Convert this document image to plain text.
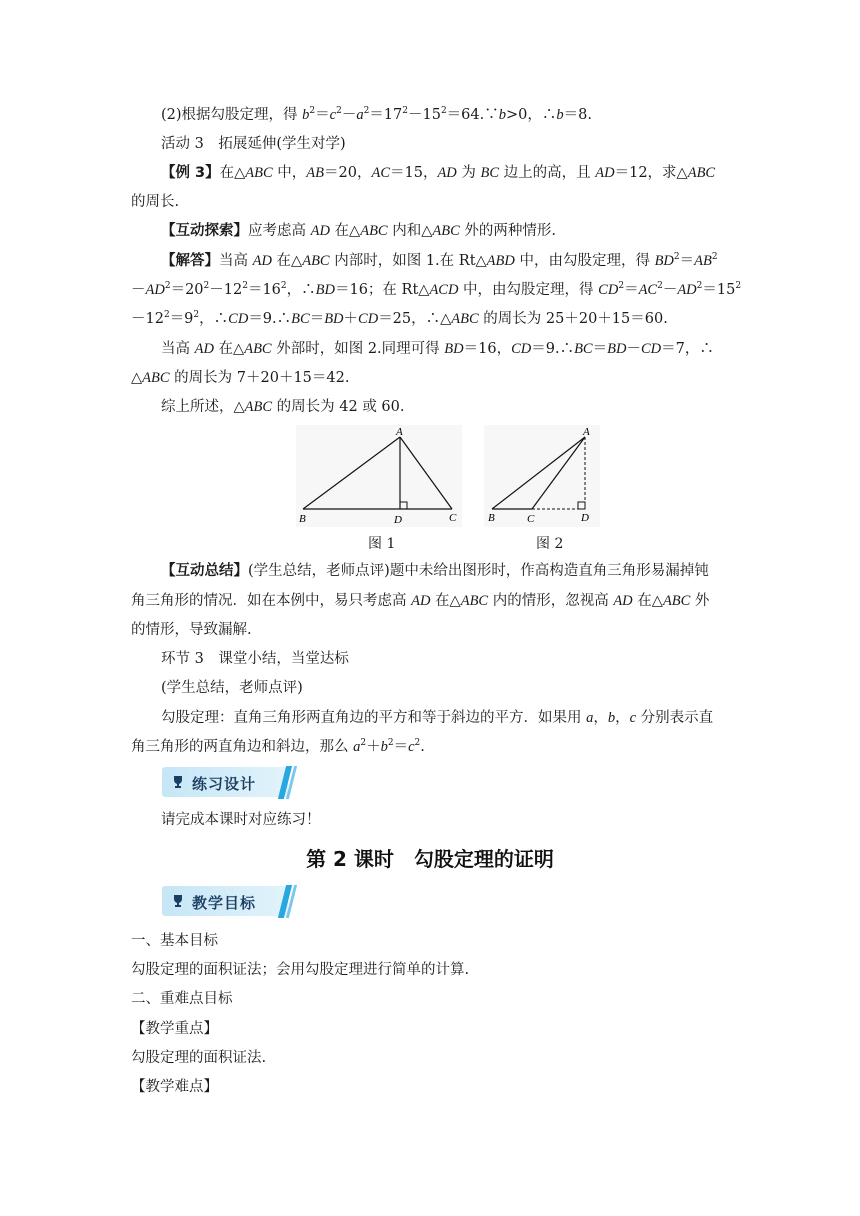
(2)根据勾股定理，得 $b^2=c^2-a^2=17^2-15^2=64.\because b>0$，∴b＝8.
活动 3　拓展延伸(学生对学)
【例 3】在△ABC 中，AB＝20，AC＝15，AD 为 BC 边上的高，且 AD＝12，求△ABC
的周长.
【互动探索】应考虑高 AD 在△ABC 内和△ABC 外的两种情形.
【解答】当高 AD 在△ABC 内部时，如图 1.在 Rt△ABD 中，由勾股定理，得 $BD^2=AB^2$
$-AD^2=20^2-12^2=16^2$，∴BD＝16；在 Rt△ACD 中，由勾股定理，得 $CD^2=AC^2-AD^2=15^2$
$-12^2=9^2$，∴CD＝9.∴BC＝BD＋CD＝25，∴△ABC 的周长为 25＋20＋15＝60.
当高 AD 在△ABC 外部时，如图 2.同理可得 BD＝16，CD＝9.∴BC＝BD－CD＝7，∴
△ABC 的周长为 7＋20＋15＝42.
综上所述，△ABC 的周长为 42 或 60.
A
B	C
D
图 1
A
B	C	D
图 2
【互动总结】(学生总结，老师点评)题中未给出图形时，作高构造直角三角形易漏掉钝
角三角形的情况．如在本例中，易只考虑高 AD 在△ABC 内的情形，忽视高 AD 在△ABC 外
的情形，导致漏解.
环节 3　课堂小结，当堂达标
(学生总结，老师点评)
勾股定理：直角三角形两直角边的平方和等于斜边的平方．如果用 a，b，c 分别表示直
角三角形的两直角边和斜边，那么 $a^2+b^2=c^2$.
练习设计
请完成本课时对应练习！
第 2 课时　勾股定理的证明
教学目标
一、基本目标
勾股定理的面积证法；会用勾股定理进行简单的计算.
二、重难点目标
【教学重点】
勾股定理的面积证法.
【教学难点】
